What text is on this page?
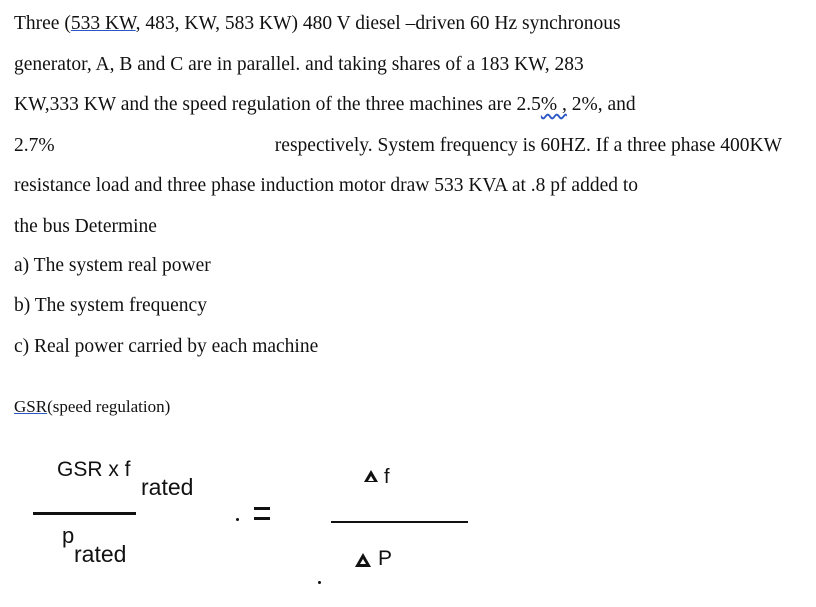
Three (533 KW, 483, KW, 583 KW) 480 V diesel –driven 60 Hz synchronous
generator, A, B and C are in parallel. and taking shares of a 183 KW, 283
KW,333 KW and the speed regulation of the three machines are 2.5% , 2%, and
2.7%	respectively. System frequency is 60HZ. If a three phase 400KW
resistance load and three phase induction motor draw 533 KVA at .8 pf added to
the bus Determine
a) The system real power
b) The system frequency
c) Real power carried by each machine
GSR(speed regulation)
GSR x f
rated
p
rated
f
P
